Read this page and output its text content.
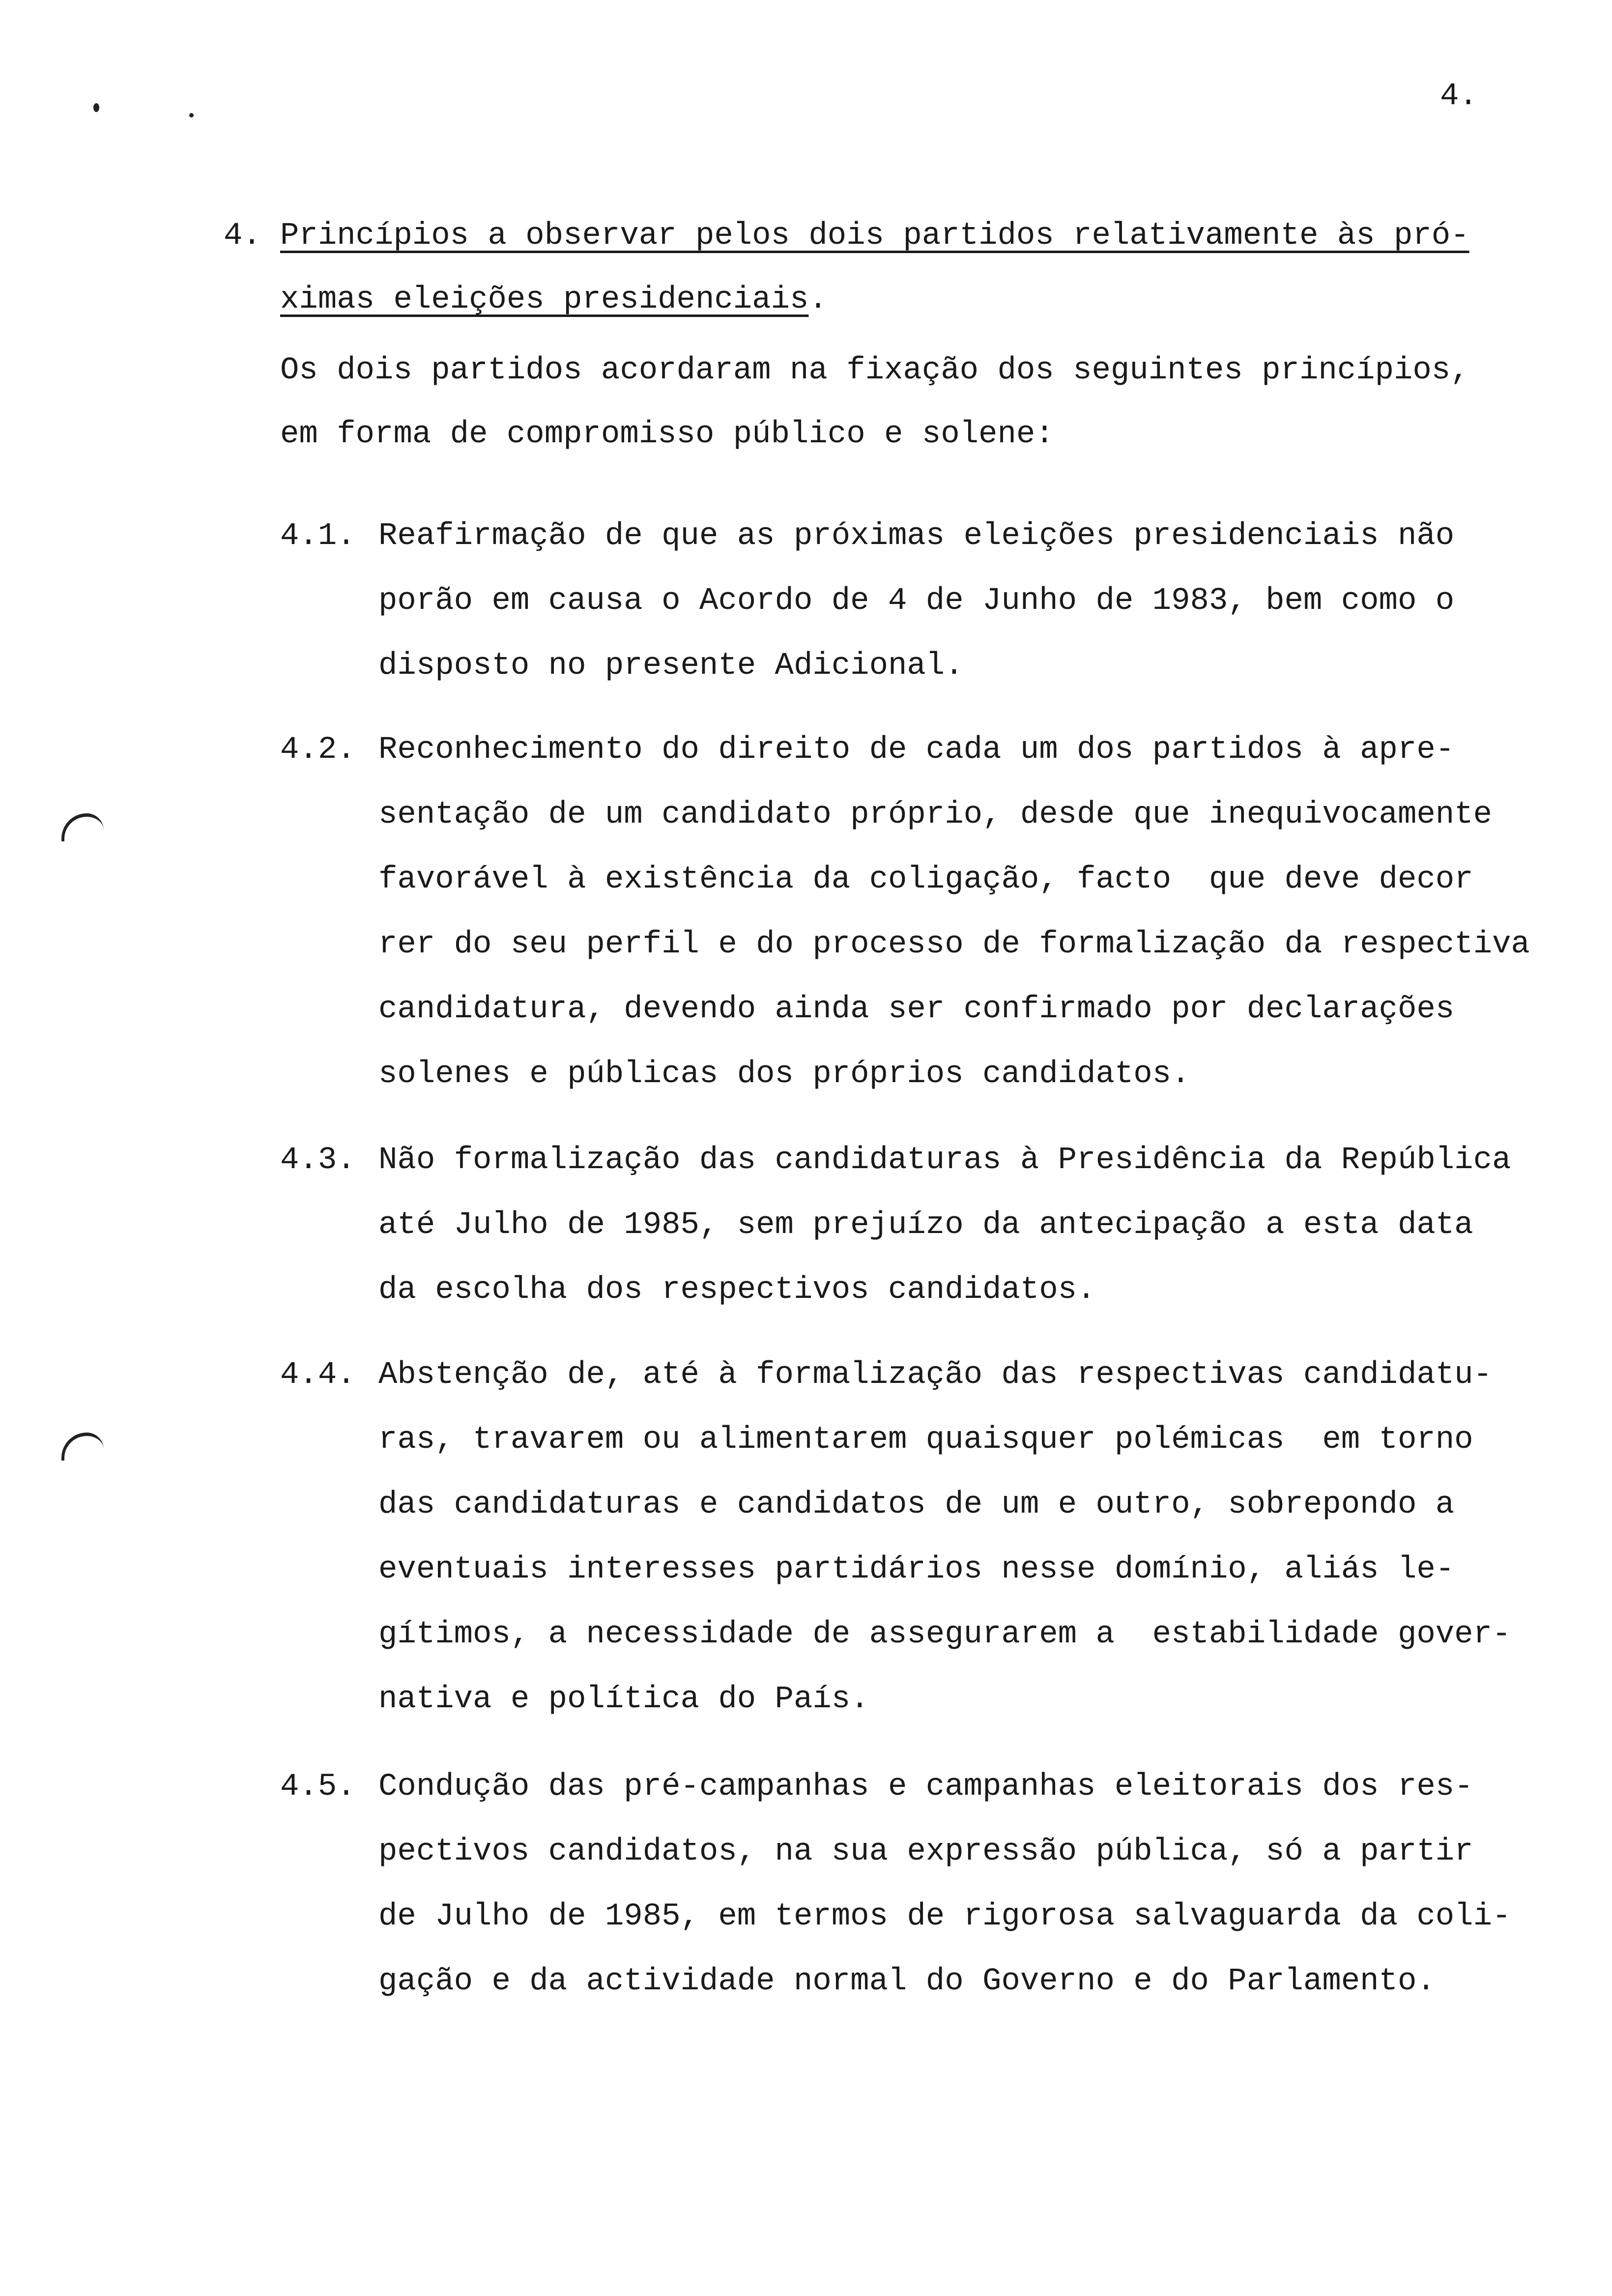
4.
4. Princípios a observar pelos dois partidos relativamente às pró-
ximas eleições presidenciais.
Os dois partidos acordaram na fixação dos seguintes princípios,
em forma de compromisso público e solene:
4.1. Reafirmação de que as próximas eleições presidenciais não
porão em causa o Acordo de 4 de Junho de 1983, bem como o
disposto no presente Adicional.
4.2. Reconhecimento do direito de cada um dos partidos à apre-
sentação de um candidato próprio, desde que inequivocamente
favorável à existência da coligação, facto  que deve decor
rer do seu perfil e do processo de formalização da respectiva
candidatura, devendo ainda ser confirmado por declarações
solenes e públicas dos próprios candidatos.
4.3. Não formalização das candidaturas à Presidência da República
até Julho de 1985, sem prejuízo da antecipação a esta data
da escolha dos respectivos candidatos.
4.4. Abstenção de, até à formalização das respectivas candidatu-
ras, travarem ou alimentarem quaisquer polémicas  em torno
das candidaturas e candidatos de um e outro, sobrepondo a
eventuais interesses partidários nesse domínio, aliás le-
gítimos, a necessidade de assegurarem a  estabilidade gover-
nativa e política do País.
4.5. Condução das pré-campanhas e campanhas eleitorais dos res-
pectivos candidatos, na sua expressão pública, só a partir
de Julho de 1985, em termos de rigorosa salvaguarda da coli-
gação e da actividade normal do Governo e do Parlamento.
